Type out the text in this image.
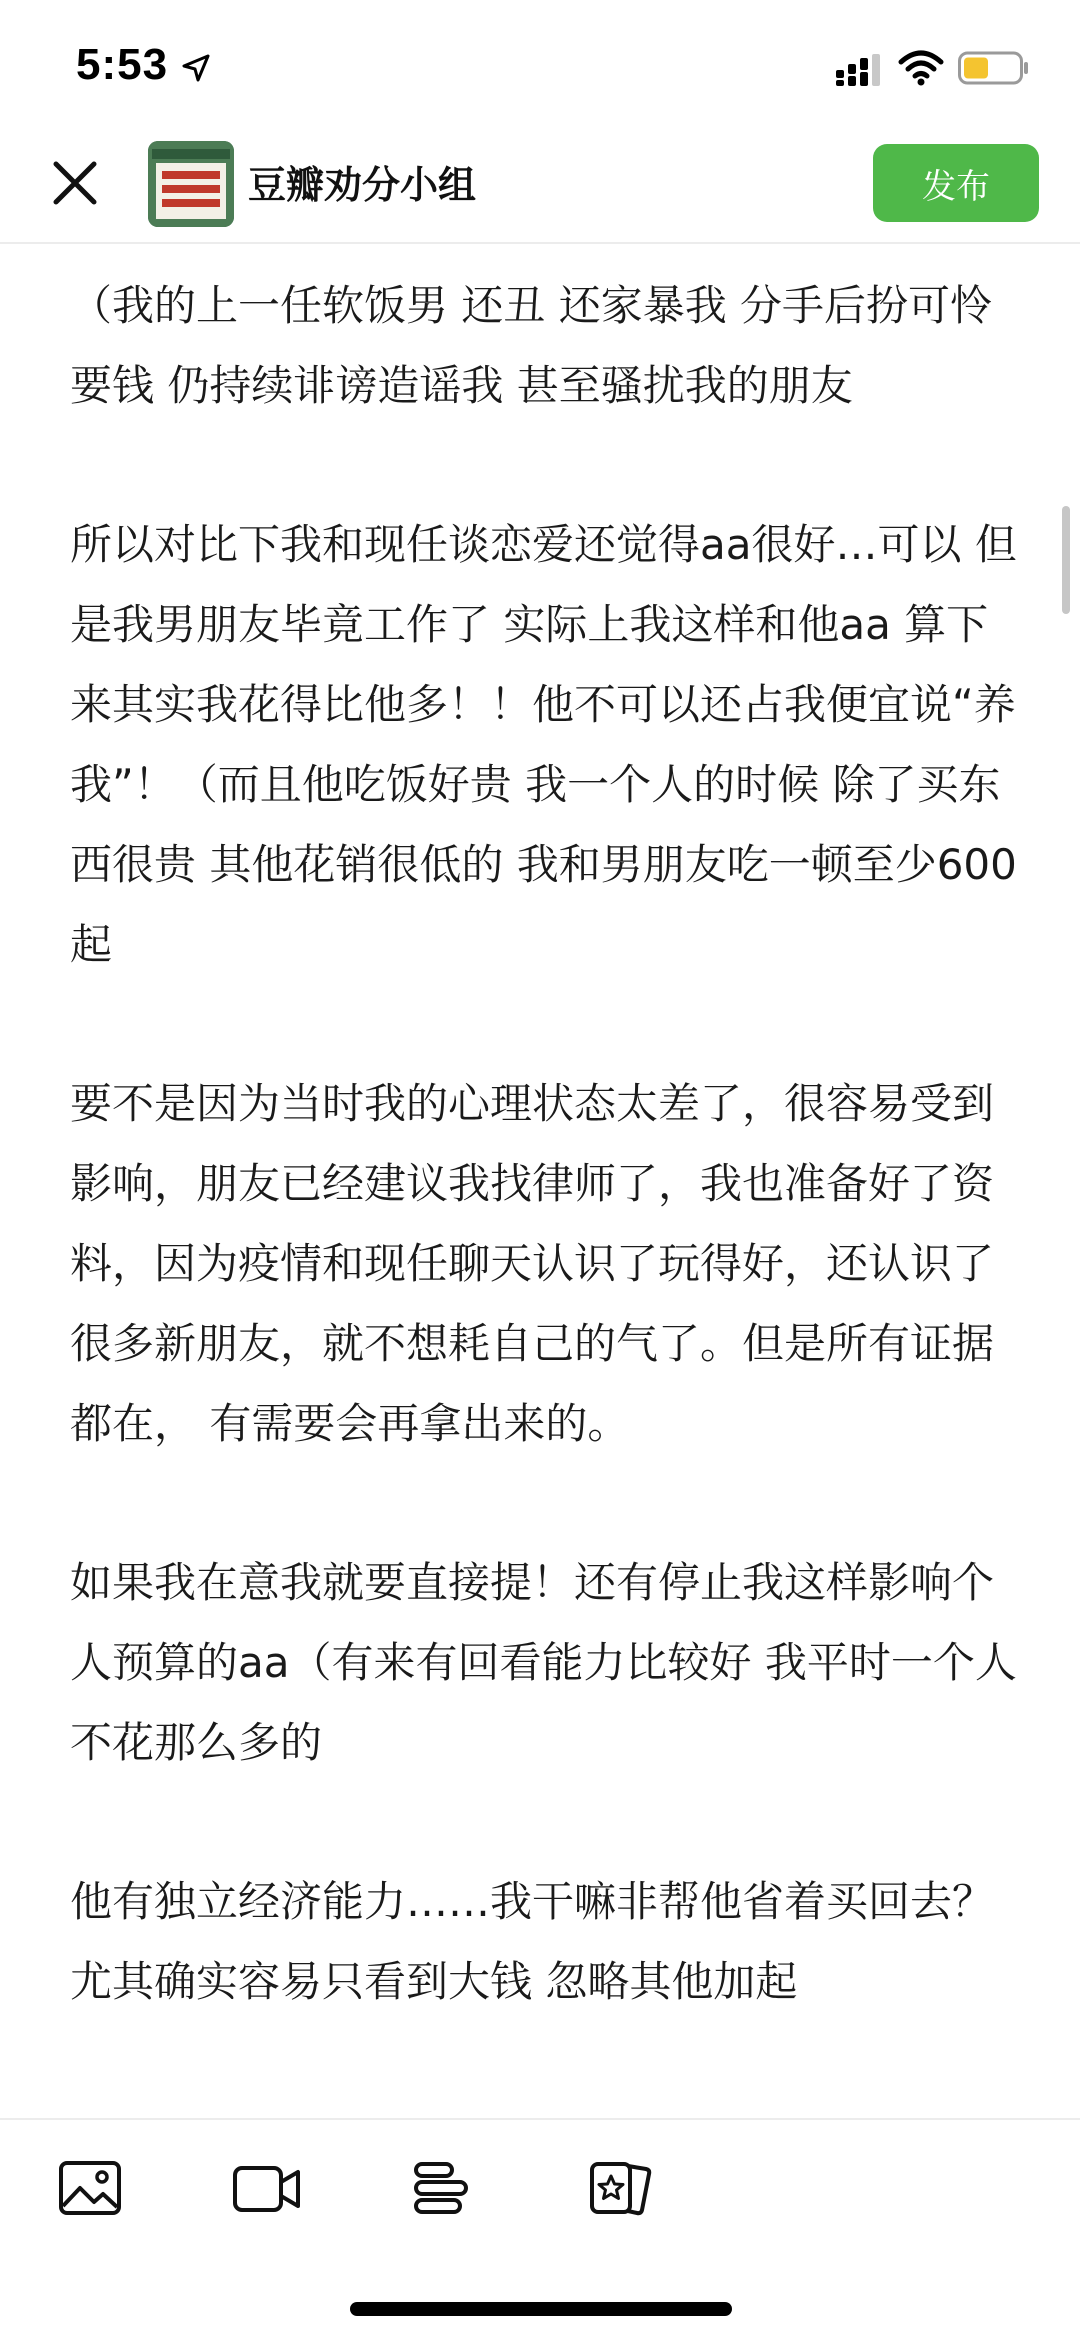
5:53
豆瓣劝分小组	发布

（我的上一任软饭男 还丑 还家暴我 分手后扮可怜要钱 仍持续诽谤造谣我 甚至骚扰我的朋友

所以对比下我和现任谈恋爱还觉得aa很好…可以 但是我男朋友毕竟工作了 实际上我这样和他aa 算下来其实我花得比他多！！他不可以还占我便宜说“养我”！（而且他吃饭好贵 我一个人的时候 除了买东西很贵 其他花销很低的 我和男朋友吃一顿至少600起

要不是因为当时我的心理状态太差了，很容易受到影响，朋友已经建议我找律师了，我也准备好了资料，因为疫情和现任聊天认识了玩得好，还认识了很多新朋友，就不想耗自己的气了。但是所有证据都在， 有需要会再拿出来的。

如果我在意我就要直接提！还有停止我这样影响个人预算的aa（有来有回看能力比较好 我平时一个人不花那么多的

他有独立经济能力……我干嘛非帮他省着买回去？尤其确实容易只看到大钱 忽略其他加起
